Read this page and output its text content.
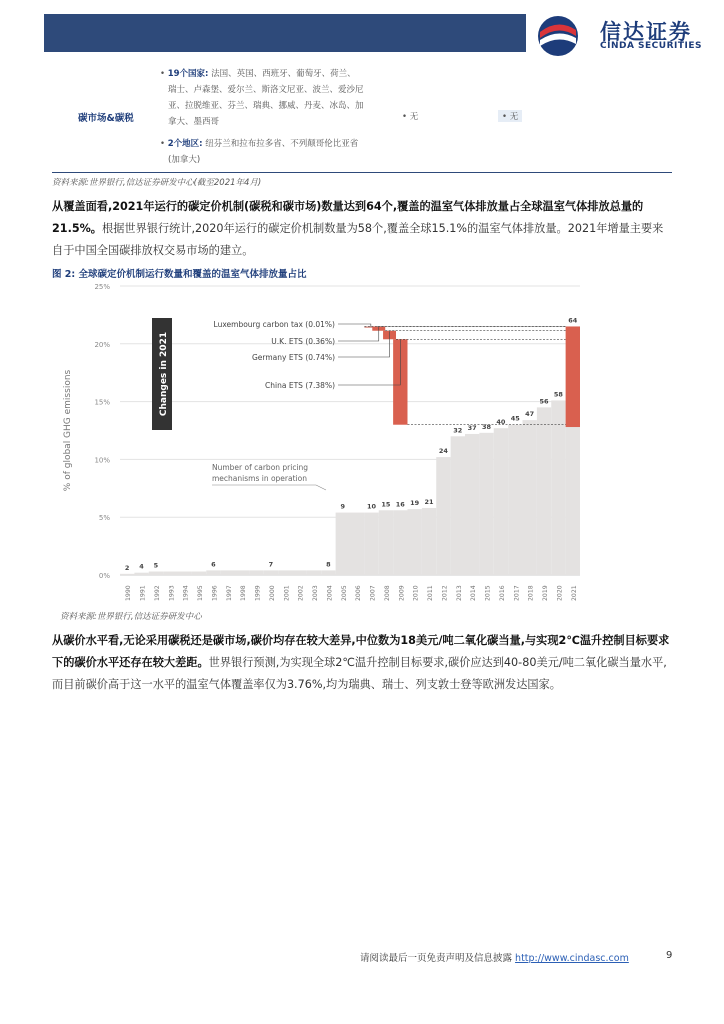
信达证券
CINDA SECURITIES
碳市场&碳税
• 19个国家: 法国、英国、西班牙、葡萄牙、荷兰、
瑞士、卢森堡、爱尔兰、斯洛文尼亚、波兰、爱沙尼
亚、拉脱维亚、芬兰、瑞典、挪威、丹麦、冰岛、加
拿大、墨西哥
• 2个地区: 纽芬兰和拉布拉多省、不列颠哥伦比亚省
(加拿大)
• 无	• 无
资料来源:世界银行,信达证券研发中心(截至2021年4月)
从覆盖面看,2021年运行的碳定价机制(碳税和碳市场)数量达到64个,覆盖的温室气体排放量占全球温室气体排放总量的21.5%。根据世界银行统计,2020年运行的碳定价机制数量为58个,覆盖全球15.1%的温室气体排放量。2021年增量主要来自于中国全国碳排放权交易市场的建立。
图 2: 全球碳定价机制运行数量和覆盖的温室气体排放量占比
2 4 5	6	7	8
9	10 15 16 19 21
24
32 37 38
40 45
47
56
58
64
1990 1991 1992 1993 1994 1995 1996 1997 1998 1999 2000 2001 2002 2003 2004 2005 2006 2007 2008 2009 2010 2011 2012 2013 2014 2015 2016 2017 2018 2019 2020 2021
0%
5%
10%
15%
20%
25%
% of global GHG emissions
Luxembourg carbon tax (0.01%)
U.K. ETS (0.36%)
Germany ETS (0.74%)
China ETS (7.38%)
Changes in 2021
Number of carbon pricing
mechanisms in operation
资料来源:世界银行,信达证券研发中心
从碳价水平看,无论采用碳税还是碳市场,碳价均存在较大差异,中位数为18美元/吨二氧化碳当量,与实现2℃温升控制目标要求下的碳价水平还存在较大差距。世界银行预测,为实现全球2℃温升控制目标要求,碳价应达到40-80美元/吨二氧化碳当量水平,而目前碳价高于这一水平的温室气体覆盖率仅为3.76%,均为瑞典、瑞士、列支敦士登等欧洲发达国家。
请阅读最后一页免责声明及信息披露 http://www.cindasc.com	9
